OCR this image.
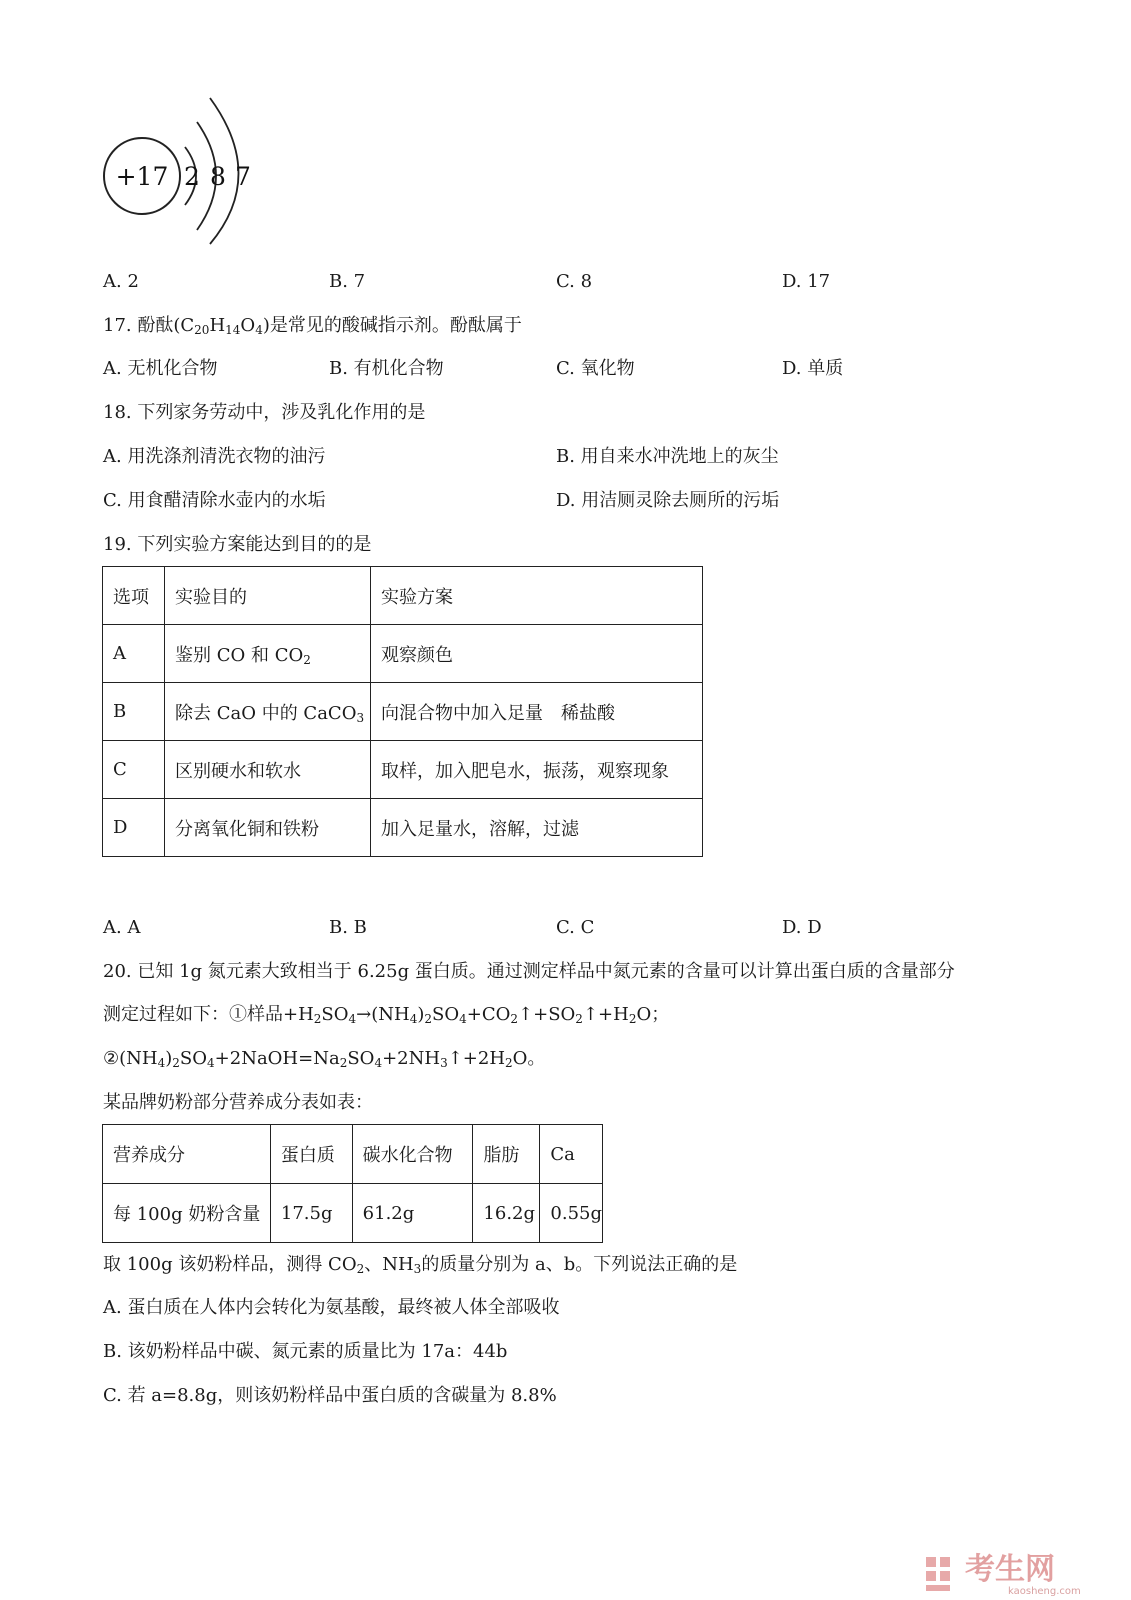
+17 2 8 7
A. 2	B. 7	C. 8	D. 17
17. 酚酞$(C_{20}H_{14}O_4)$是常见的酸碱指示剂。酚酞属于
A. 无机化合物	B. 有机化合物	C. 氧化物	D. 单质
18. 下列家务劳动中，涉及乳化作用的是
A. 用洗涤剂清洗衣物的油污	B. 用自来水冲洗地上的灰尘
C. 用食醋清除水壶内的水垢	D. 用洁厕灵除去厕所的污垢
19. 下列实验方案能达到目的的是
选项	实验目的	实验方案
A	鉴别 CO 和 $CO_2$	观察颜色
B	除去 CaO 中的 CaCO$_3$	向混合物中加入足量　稀盐酸
C	区别硬水和软水	取样，加入肥皂水，振荡，观察现象
D	分离氧化铜和铁粉	加入足量水，溶解，过滤
A. A	B. B	C. C	D. D
20. 已知 1g 氮元素大致相当于 6.25g 蛋白质。通过测定样品中氮元素的含量可以计算出蛋白质的含量部分
测定过程如下：①样品$+H_2SO_4\to(NH_4)_2SO_4+CO_2↑+SO_2↑+H_2O$；
$②(NH_4)_2SO_4+2NaOH=Na_2SO_4+2NH_3↑+2H_2O$。
某品牌奶粉部分营养成分表如表：
营养成分	蛋白质	碳水化合物	脂肪	Ca
每 100g 奶粉含量	17.5g	61.2g	16.2g	0.55g
取 100g 该奶粉样品，测得 $CO_2$、$NH_3$的质量分别为 a、b。下列说法正确的是
A. 蛋白质在人体内会转化为氨基酸，最终被人体全部吸收
B. 该奶粉样品中碳、氮元素的质量比为 17a：44b
C. 若 a=8.8g，则该奶粉样品中蛋白质的含碳量为 8.8%
考生网
kaosheng.com
